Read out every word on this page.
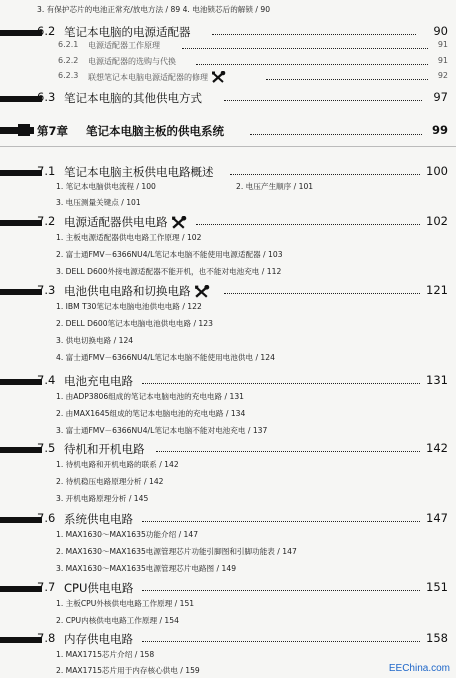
3. 有保护芯片的电池正常充/放电方法 / 89 4. 电池锁芯后的解锁 / 90
6.2 笔记本电脑的电源适配器	90
6.2.1 电源适配器工作原理	91
6.2.2 电源适配器的选购与代换	91
6.2.3 联想笔记本电脑电源适配器的修理	92
6.3 笔记本电脑的其他供电方式	97
第7章 笔记本电脑主板的供电系统	99
7.1 笔记本电脑主板供电电路概述	100
1. 笔记本电脑供电流程 / 100	2. 电压产生顺序 / 101
3. 电压测量关键点 / 101
7.2 电源适配器供电电路	102
1. 主板电源适配器供电电路工作原理 / 102
2. 富士通FMV－6366NU4/L笔记本电脑不能使用电源适配器 / 103
3. DELL D600外接电源适配器不能开机，也不能对电池充电 / 112
7.3 电池供电电路和切换电路	121
1. IBM T30笔记本电脑电池供电电路 / 122
2. DELL D600笔记本电脑电池供电电路 / 123
3. 供电切换电路 / 124
4. 富士通FMV－6366NU4/L笔记本电脑不能使用电池供电 / 124
7.4 电池充电电路	131
1. 由ADP3806组成的笔记本电脑电池的充电电路 / 131
2. 由MAX1645组成的笔记本电脑电池的充电电路 / 134
3. 富士通FMV－6366NU4/L笔记本电脑不能对电池充电 / 137
7.5 待机和开机电路	142
1. 待机电路和开机电路的联系 / 142
2. 待机稳压电路原理分析 / 142
3. 开机电路原理分析 / 145
7.6 系统供电电路	147
1. MAX1630～MAX1635功能介绍 / 147
2. MAX1630～MAX1635电源管理芯片功能引脚图和引脚功能表 / 147
3. MAX1630～MAX1635电源管理芯片电路图 / 149
7.7 CPU供电电路	151
1. 主板CPU外核供电电路工作原理 / 151
2. CPU内核供电电路工作原理 / 154
7.8 内存供电电路	158
1. MAX1715芯片介绍 / 158
2. MAX1715芯片用于内存核心供电 / 159	EEChina.com
